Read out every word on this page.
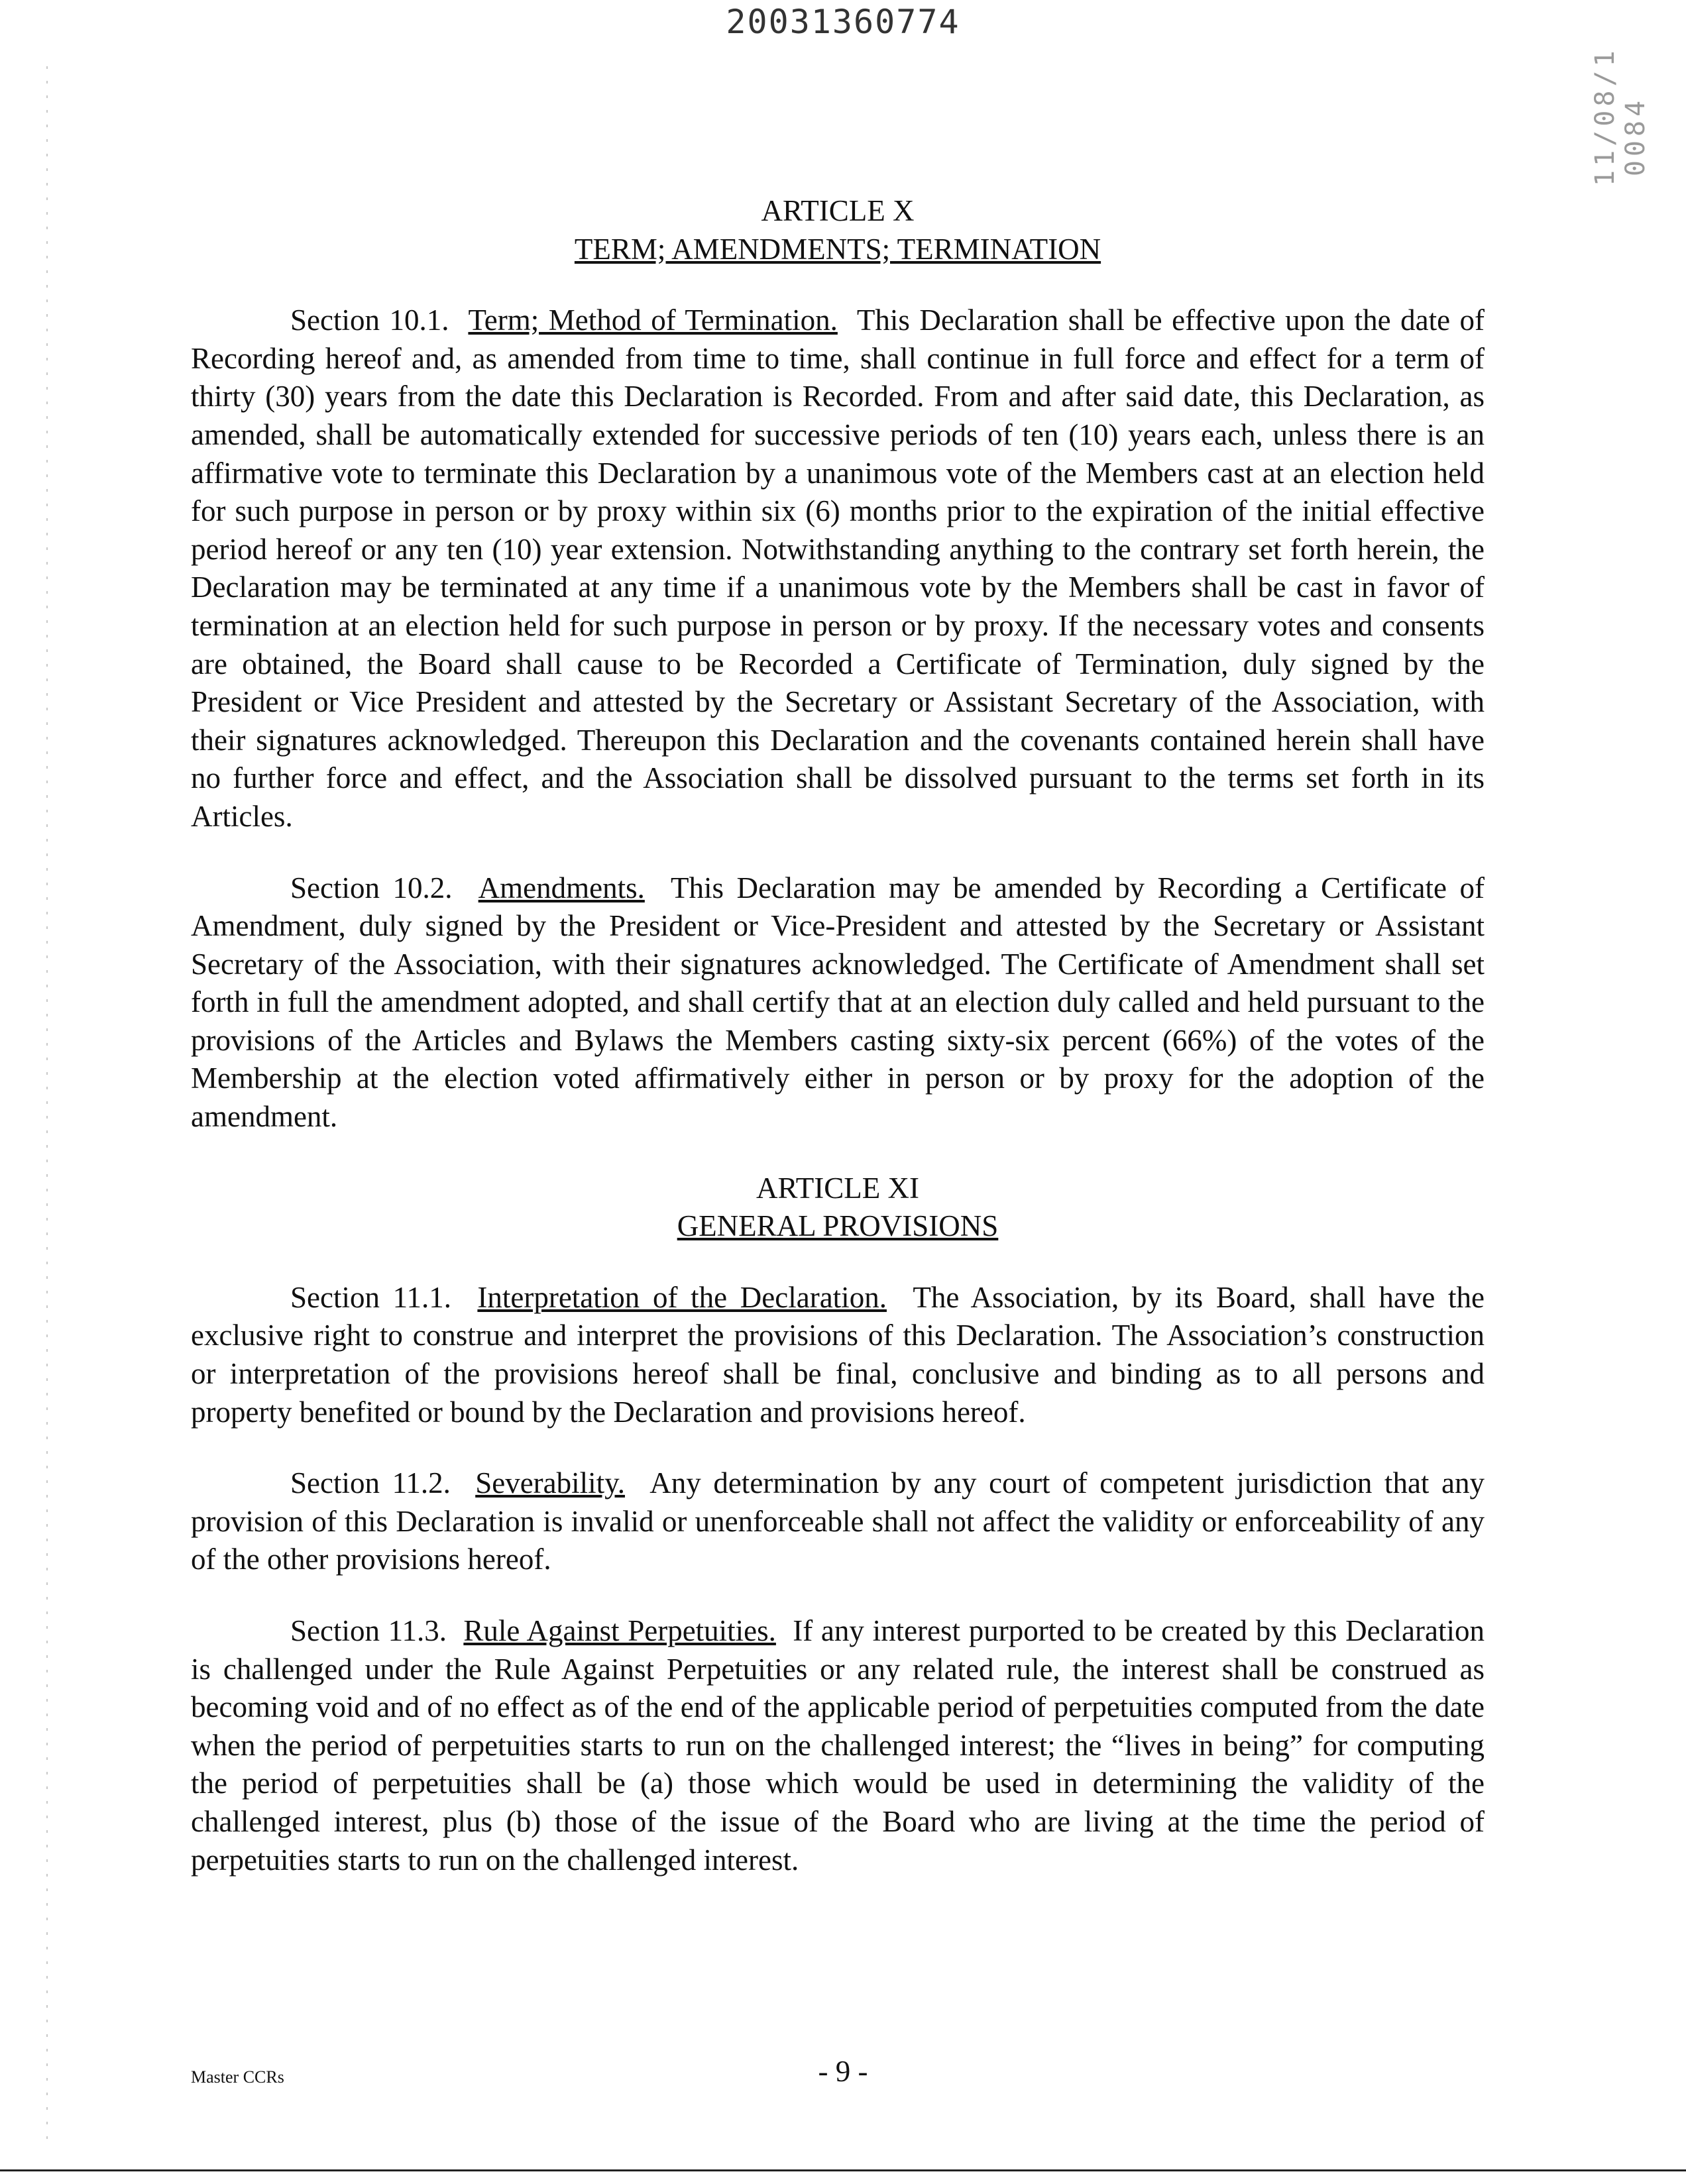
20031360774
11/08/1 0084
ARTICLE X
TERM; AMENDMENTS; TERMINATION

Section 10.1. Term; Method of Termination. This Declaration shall be effective upon the date of Recording hereof and, as amended from time to time, shall continue in full force and effect for a term of thirty (30) years from the date this Declaration is Recorded. From and after said date, this Declaration, as amended, shall be automatically extended for successive periods of ten (10) years each, unless there is an affirmative vote to terminate this Declaration by a unanimous vote of the Members cast at an election held for such purpose in person or by proxy within six (6) months prior to the expiration of the initial effective period hereof or any ten (10) year extension. Notwithstanding anything to the contrary set forth herein, the Declaration may be terminated at any time if a unanimous vote by the Members shall be cast in favor of termination at an election held for such purpose in person or by proxy. If the necessary votes and consents are obtained, the Board shall cause to be Recorded a Certificate of Termination, duly signed by the President or Vice President and attested by the Secretary or Assistant Secretary of the Association, with their signatures acknowledged. Thereupon this Declaration and the covenants contained herein shall have no further force and effect, and the Association shall be dissolved pursuant to the terms set forth in its Articles.

Section 10.2. Amendments. This Declaration may be amended by Recording a Certificate of Amendment, duly signed by the President or Vice-President and attested by the Secretary or Assistant Secretary of the Association, with their signatures acknowledged. The Certificate of Amendment shall set forth in full the amendment adopted, and shall certify that at an election duly called and held pursuant to the provisions of the Articles and Bylaws the Members casting sixty-six percent (66%) of the votes of the Membership at the election voted affirmatively either in person or by proxy for the adoption of the amendment.

ARTICLE XI
GENERAL PROVISIONS

Section 11.1. Interpretation of the Declaration. The Association, by its Board, shall have the exclusive right to construe and interpret the provisions of this Declaration. The Association’s construction or interpretation of the provisions hereof shall be final, conclusive and binding as to all persons and property benefited or bound by the Declaration and provisions hereof.

Section 11.2. Severability. Any determination by any court of competent jurisdiction that any provision of this Declaration is invalid or unenforceable shall not affect the validity or enforceability of any of the other provisions hereof.

Section 11.3. Rule Against Perpetuities. If any interest purported to be created by this Declaration is challenged under the Rule Against Perpetuities or any related rule, the interest shall be construed as becoming void and of no effect as of the end of the applicable period of perpetuities computed from the date when the period of perpetuities starts to run on the challenged interest; the “lives in being” for computing the period of perpetuities shall be (a) those which would be used in determining the validity of the challenged interest, plus (b) those of the issue of the Board who are living at the time the period of perpetuities starts to run on the challenged interest.

Master CCRs	- 9 -
